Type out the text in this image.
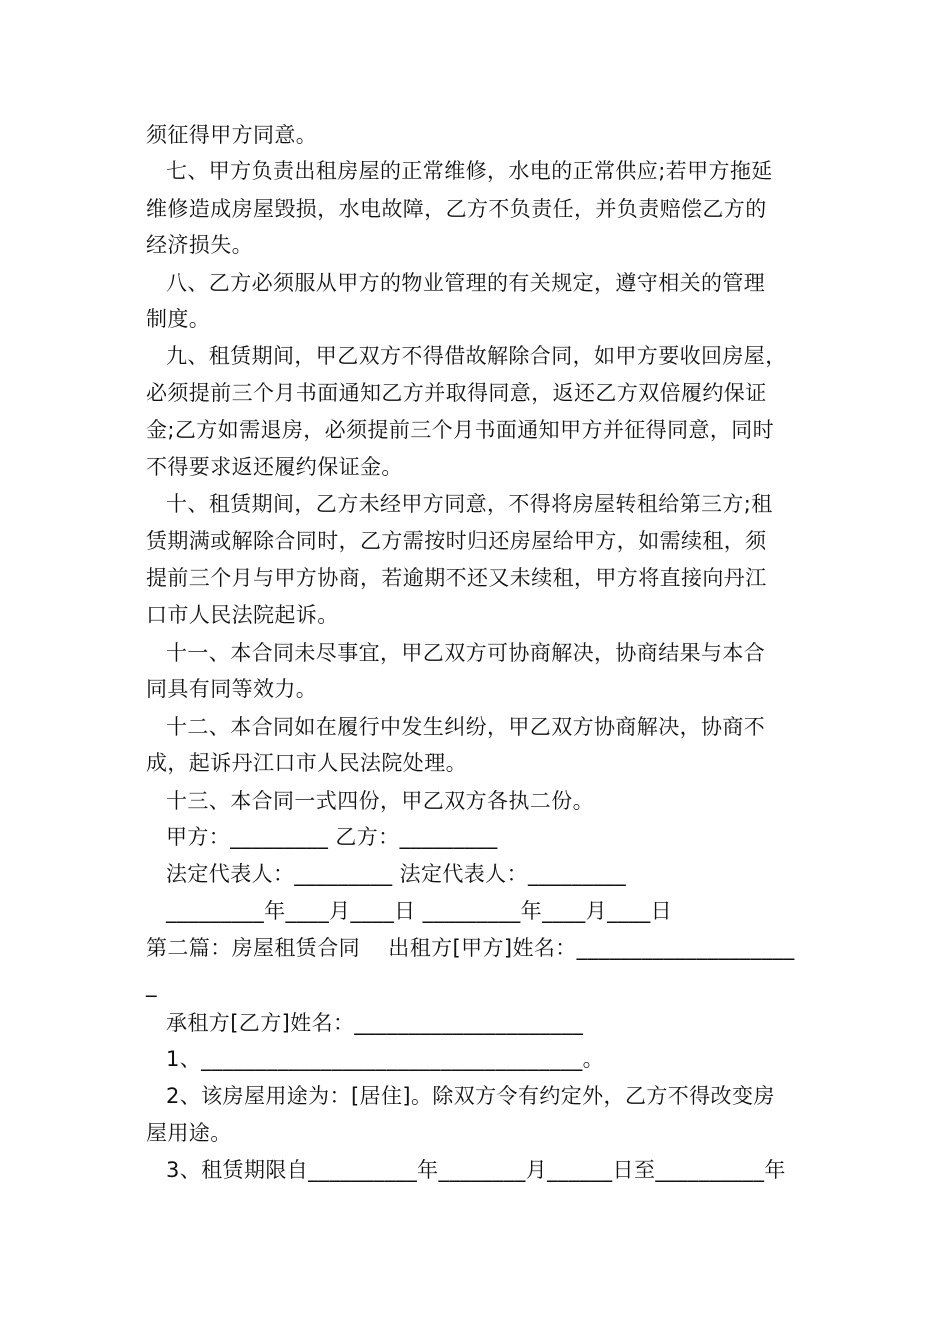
须征得甲方同意。
七、甲方负责出租房屋的正常维修，水电的正常供应;若甲方拖延
维修造成房屋毁损，水电故障，乙方不负责任，并负责赔偿乙方的
经济损失。
八、乙方必须服从甲方的物业管理的有关规定，遵守相关的管理
制度。
九、租赁期间，甲乙双方不得借故解除合同，如甲方要收回房屋，
必须提前三个月书面通知乙方并取得同意，返还乙方双倍履约保证
金;乙方如需退房，必须提前三个月书面通知甲方并征得同意，同时
不得要求返还履约保证金。
十、租赁期间，乙方未经甲方同意，不得将房屋转租给第三方;租
赁期满或解除合同时，乙方需按时归还房屋给甲方，如需续租，须
提前三个月与甲方协商，若逾期不还又未续租，甲方将直接向丹江
口市人民法院起诉。
十一、本合同未尽事宜，甲乙双方可协商解决，协商结果与本合
同具有同等效力。
十二、本合同如在履行中发生纠纷，甲乙双方协商解决，协商不
成，起诉丹江口市人民法院处理。
十三、本合同一式四份，甲乙双方各执二份。
甲方：_________ 乙方：_________
法定代表人：_________ 法定代表人：_________
_________年____月____日 _________年____月____日
第二篇：房屋租赁合同    出租方[甲方]姓名：____________________
_
承租方[乙方]姓名：_____________________
1、___________________________________。
2、该房屋用途为：[居住]。除双方令有约定外，乙方不得改变房
屋用途。
3、租赁期限自__________年________月______日至__________年
